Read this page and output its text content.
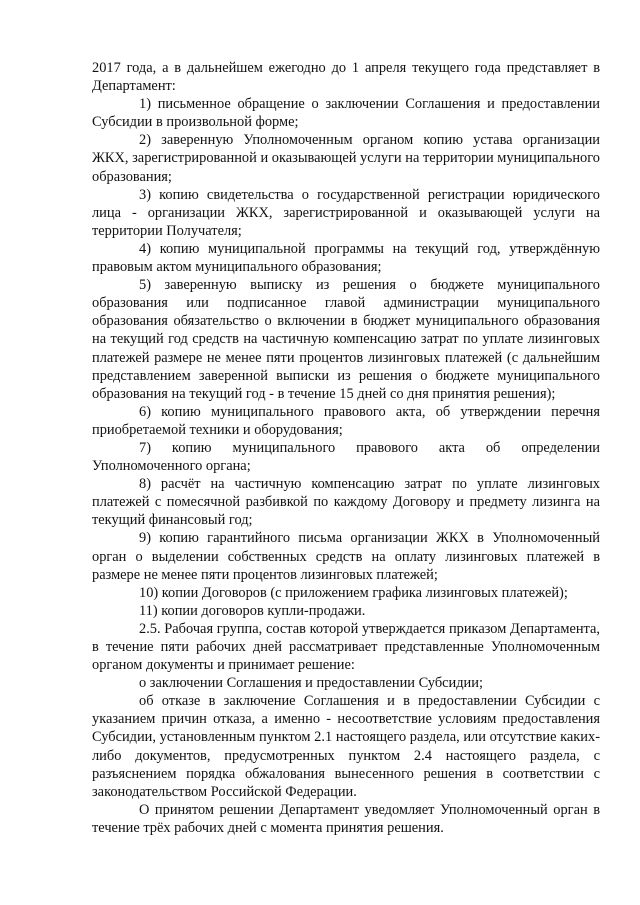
2017 года, а в дальнейшем ежегодно до 1 апреля текущего года представляет в Департамент:

1) письменное обращение о заключении Соглашения и предоставлении Субсидии в произвольной форме;

2) заверенную Уполномоченным органом копию устава организации ЖКХ, зарегистрированной и оказывающей услуги на территории муниципального образования;

3) копию свидетельства о государственной регистрации юридического лица - организации ЖКХ, зарегистрированной и оказывающей услуги на территории Получателя;

4) копию муниципальной программы на текущий год, утверждённую правовым актом муниципального образования;

5) заверенную выписку из решения о бюджете муниципального образования или подписанное главой администрации муниципального образования обязательство о включении в бюджет муниципального образования на текущий год средств на частичную компенсацию затрат по уплате лизинговых платежей размере не менее пяти процентов лизинговых платежей (с дальнейшим представлением заверенной выписки из решения о бюджете муниципального образования на текущий год - в течение 15 дней со дня принятия решения);

6) копию муниципального правового акта, об утверждении перечня приобретаемой техники и оборудования;

7) копию муниципального правового акта об определении Уполномоченного органа;

8) расчёт на частичную компенсацию затрат по уплате лизинговых платежей с помесячной разбивкой по каждому Договору и предмету лизинга на текущий финансовый год;

9) копию гарантийного письма организации ЖКХ в Уполномоченный орган о выделении собственных средств на оплату лизинговых платежей в размере не менее пяти процентов лизинговых платежей;

10) копии Договоров (с приложением графика лизинговых платежей);

11) копии договоров купли-продажи.

2.5. Рабочая группа, состав которой утверждается приказом Департамента, в течение пяти рабочих дней рассматривает представленные Уполномоченным органом документы и принимает решение:

о заключении Соглашения и предоставлении Субсидии;

об отказе в заключение Соглашения и в предоставлении Субсидии с указанием причин отказа, а именно - несоответствие условиям предоставления Субсидии, установленным пунктом 2.1 настоящего раздела, или отсутствие каких-либо документов, предусмотренных пунктом 2.4 настоящего раздела, с разъяснением порядка обжалования вынесенного решения в соответствии с законодательством Российской Федерации.

О принятом решении Департамент уведомляет Уполномоченный орган в течение трёх рабочих дней с момента принятия решения.
